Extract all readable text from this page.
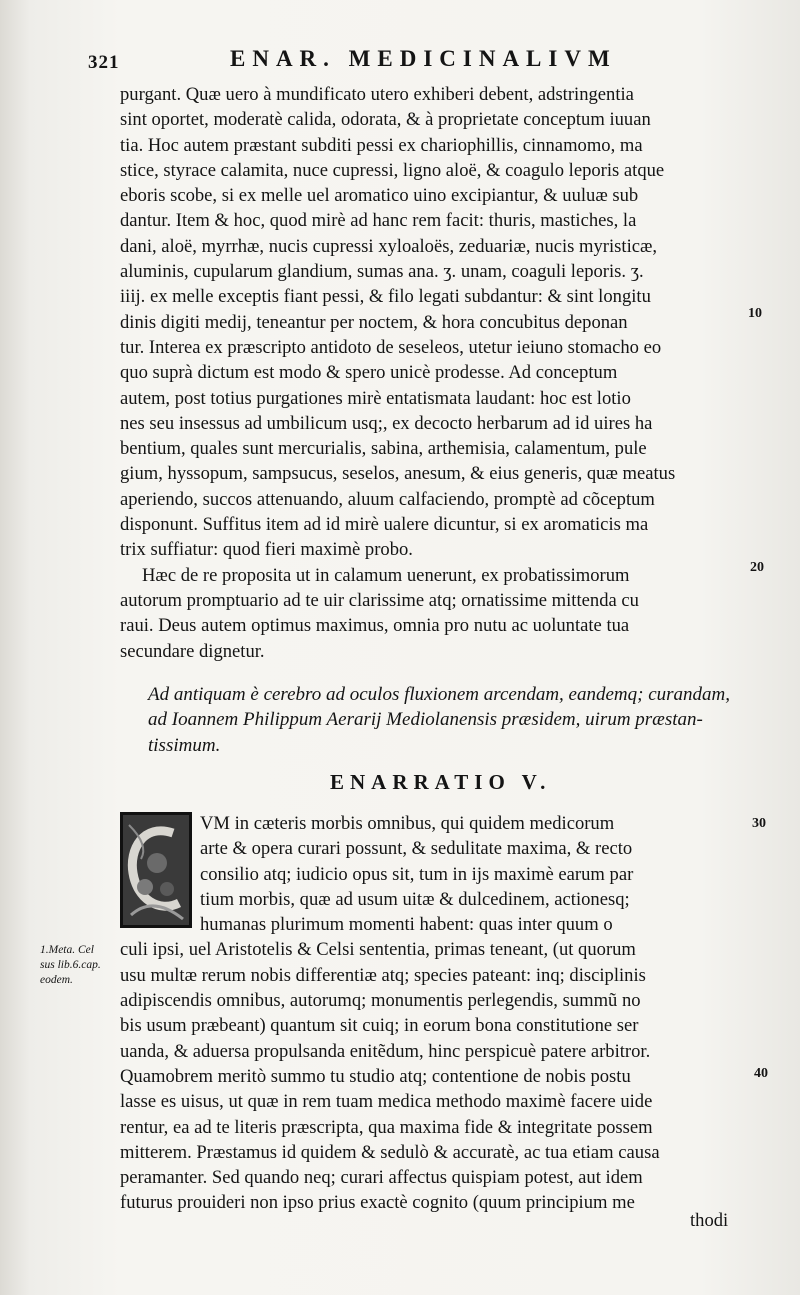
321	ENAR. MEDICINALIVM
purgant. Quæ uero à mundificato utero exhiberi debent, adstringentia
sint oportet, moderatè calida, odorata, & à proprietate conceptum iuuan
tia. Hoc autem præstant subditi pessi ex chariophillis, cinnamomo, ma
stice, styrace calamita, nuce cupressi, ligno aloë, & coagulo leporis atque
eboris scobe, si ex melle uel aromatico uino excipiantur, & uuluæ sub
dantur. Item & hoc, quod mirè ad hanc rem facit: thuris, mastiches, la
dani, aloë, myrrhæ, nucis cupressi xyloaloës, zeduariæ, nucis myristicæ,
aluminis, cupularum glandium, sumas ana. ʒ. unam, coaguli leporis. ʒ.
iiij. ex melle exceptis fiant pessi, & filo legati subdantur: & sint longitu
dinis digiti medij, teneantur per noctem, & hora concubitus deponan
tur. Interea ex præscripto antidoto de seseleos, utetur ieiuno stomacho eo
quo suprà dictum est modo & spero unicè prodesse. Ad conceptum
autem, post totius purgationes mirè entatismata laudant: hoc est lotio
nes seu insessus ad umbilicum usq;, ex decocto herbarum ad id uires ha
bentium, quales sunt mercurialis, sabina, arthemisia, calamentum, pule
gium, hyssopum, sampsucus, seselos, anesum, & eius generis, quæ meatus
aperiendo, succos attenuando, aluum calfaciendo, promptè ad cõceptum
disponunt. Suffitus item ad id mirè ualere dicuntur, si ex aromaticis ma
trix suffiatur: quod fieri maximè probo.
Hæc de re proposita ut in calamum uenerunt, ex probatissimorum
autorum promptuario ad te uir clarissime atq; ornatissime mittenda cu
raui. Deus autem optimus maximus, omnia pro nutu ac uoluntate tua
secundare dignetur.
Ad antiquam è cerebro ad oculos fluxionem arcendam, eandemq; curandam,
ad Ioannem Philippum Aerarij Mediolanensis præsidem, uirum præstan-
tissimum.
ENARRATIO V.
VM in cæteris morbis omnibus, qui quidem medicorum
arte & opera curari possunt, & sedulitate maxima, & recto
consilio atq; iudicio opus sit, tum in ijs maximè earum par
tium morbis, quæ ad usum uitæ & dulcedinem, actionesq;
humanas plurimum momenti habent: quas inter quum o
culi ipsi, uel Aristotelis & Celsi sententia, primas teneant, (ut quorum
usu multæ rerum nobis differentiæ atq; species pateant: inq; disciplinis
adipiscendis omnibus, autorumq; monumentis perlegendis, summũ no
bis usum præbeant) quantum sit cuiq; in eorum bona constitutione ser
uanda, & aduersa propulsanda enitẽdum, hinc perspicuè patere arbitror.
Quamobrem meritò summo tu studio atq; contentione de nobis postu
lasse es uisus, ut quæ in rem tuam medica methodo maximè facere uide
rentur, ea ad te literis præscripta, qua maxima fide & integritate possem
mitterem. Præstamus id quidem & sedulò & accuratè, ac tua etiam causa
peramanter. Sed quando neq; curari affectus quispiam potest, aut idem
futurus prouideri non ipso prius exactè cognito (quum principium me
thodi
1.Meta. Cel
sus lib.6.cap.
eodem.
10
20
30
40
